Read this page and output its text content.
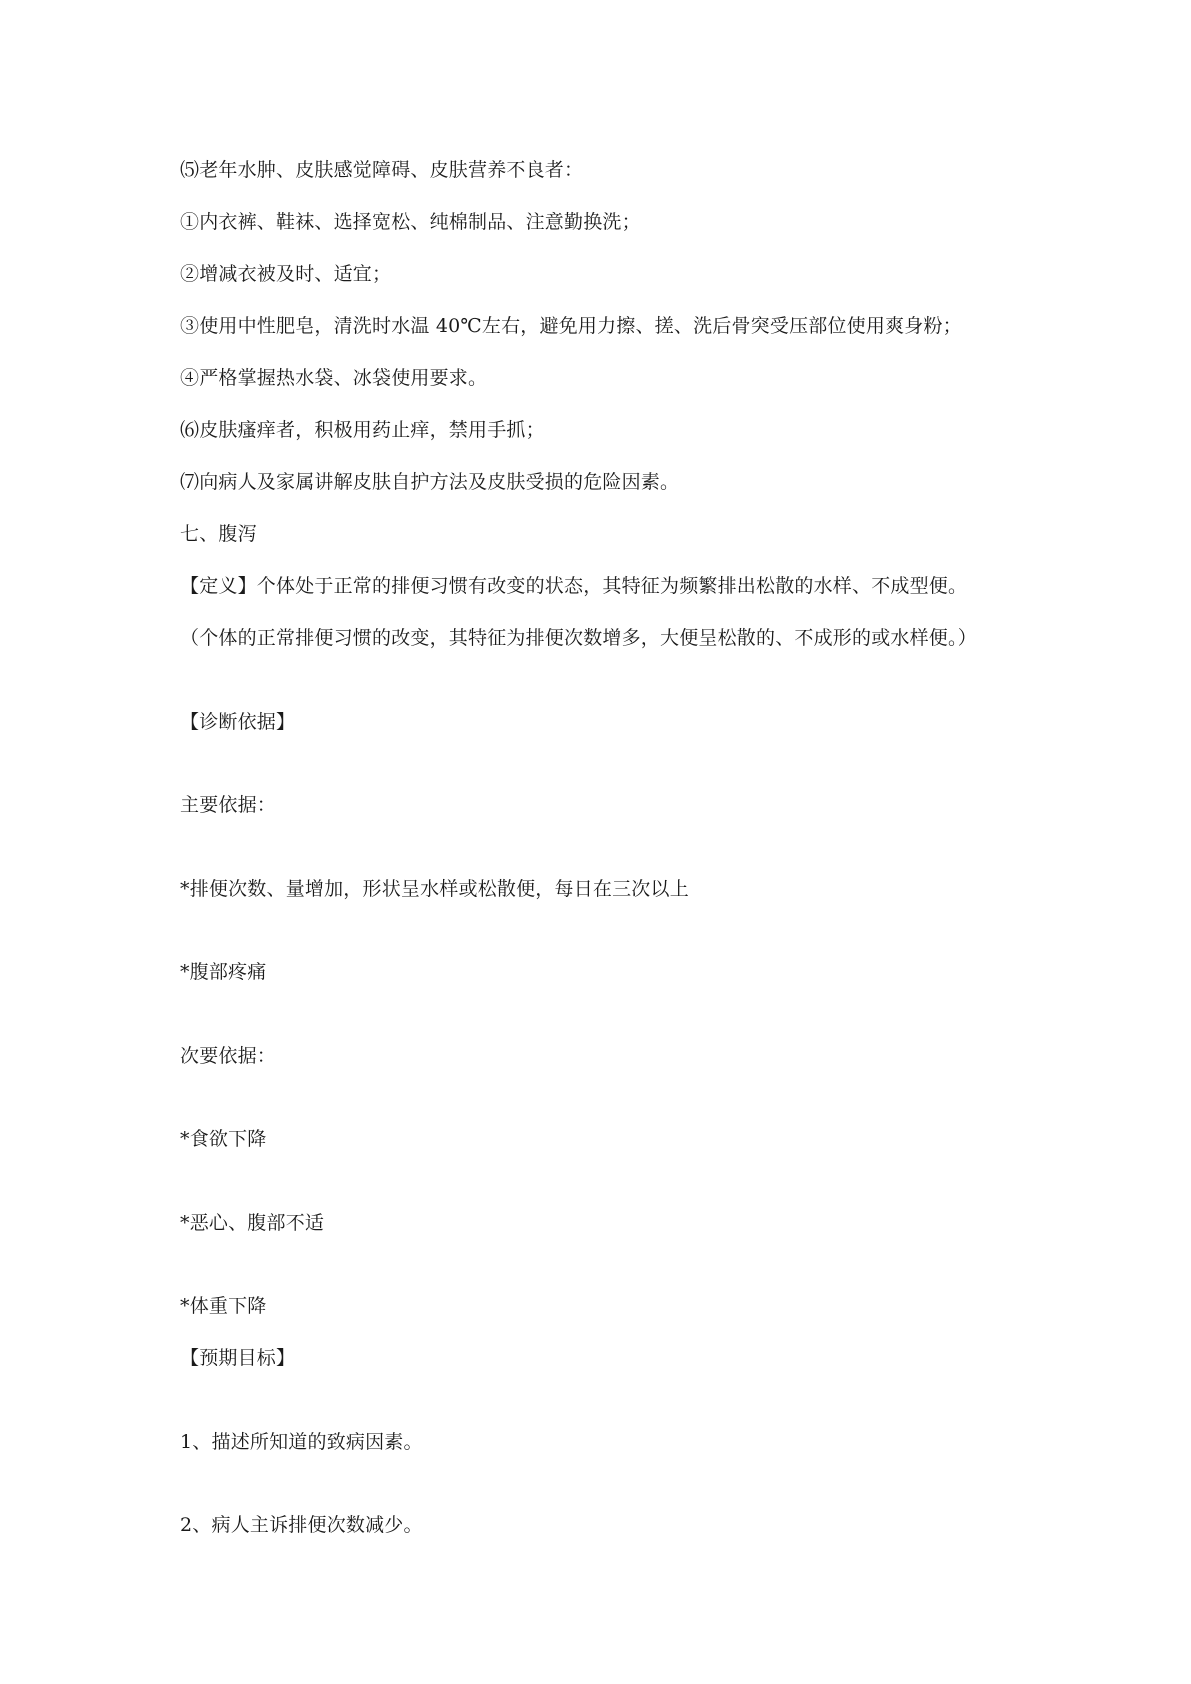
⑸老年水肿、皮肤感觉障碍、皮肤营养不良者：
①内衣裤、鞋袜、选择宽松、纯棉制品、注意勤换洗；
②增减衣被及时、适宜；
③使用中性肥皂，清洗时水温 40℃左右，避免用力擦、搓、洗后骨突受压部位使用爽身粉；
④严格掌握热水袋、冰袋使用要求。
⑹皮肤瘙痒者，积极用药止痒，禁用手抓；
⑺向病人及家属讲解皮肤自护方法及皮肤受损的危险因素。
七、腹泻
【定义】个体处于正常的排便习惯有改变的状态，其特征为频繁排出松散的水样、不成型便。
（个体的正常排便习惯的改变，其特征为排便次数增多，大便呈松散的、不成形的或水样便。）
【诊断依据】
主要依据：
*排便次数、量增加，形状呈水样或松散便，每日在三次以上
*腹部疼痛
次要依据：
*食欲下降
*恶心、腹部不适
*体重下降
【预期目标】
1、描述所知道的致病因素。
2、病人主诉排便次数减少。
